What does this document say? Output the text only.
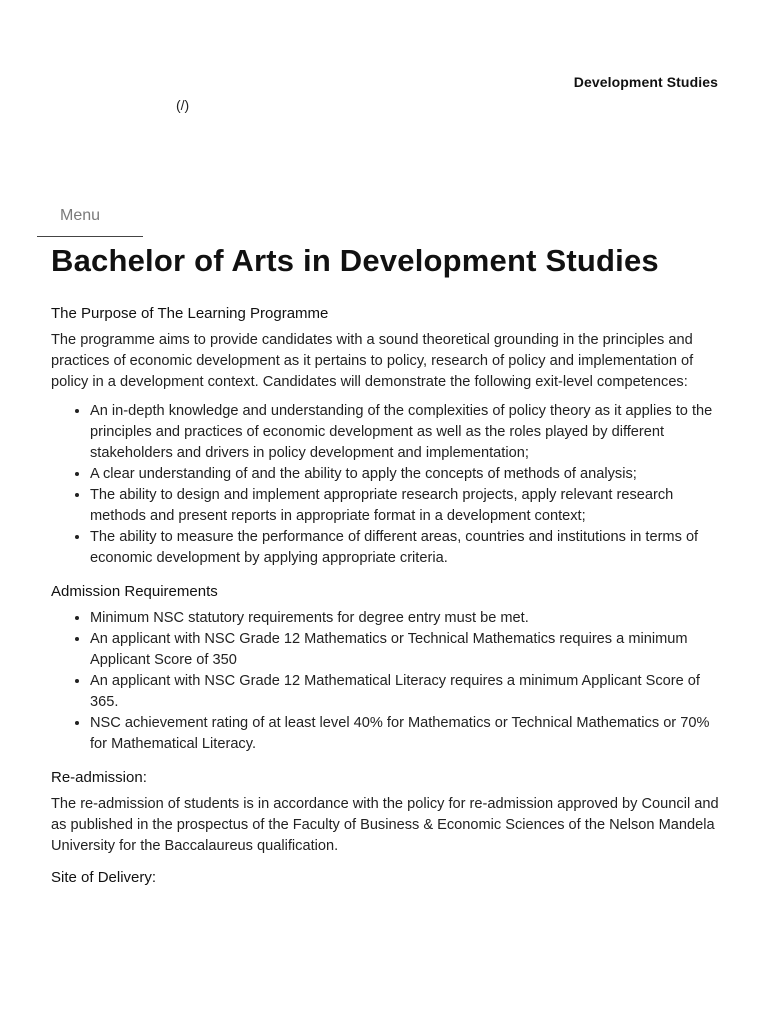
Development Studies
(/)
Menu
Bachelor of Arts in Development Studies
The Purpose of The Learning Programme

The programme aims to provide candidates with a sound theoretical grounding in the principles and practices of economic development as it pertains to policy, research of policy and implementation of policy in a development context. Candidates will demonstrate the following exit-level competences:

• An in-depth knowledge and understanding of the complexities of policy theory as it applies to the principles and practices of economic development as well as the roles played by different stakeholders and drivers in policy development and implementation;
• A clear understanding of and the ability to apply the concepts of methods of analysis;
• The ability to design and implement appropriate research projects, apply relevant research methods and present reports in appropriate format in a development context;
• The ability to measure the performance of different areas, countries and institutions in terms of economic development by applying appropriate criteria.
Admission Requirements
• Minimum NSC statutory requirements for degree entry must be met.
• An applicant with NSC Grade 12 Mathematics or Technical Mathematics requires a minimum Applicant Score of 350
• An applicant with NSC Grade 12 Mathematical Literacy requires a minimum Applicant Score of 365.
• NSC achievement rating of at least level 40% for Mathematics or Technical Mathematics or 70% for Mathematical Literacy.
Re-admission:

The re-admission of students is in accordance with the policy for re-admission approved by Council and as published in the prospectus of the Faculty of Business & Economic Sciences of the Nelson Mandela University for the Baccalaureus qualification.

Site of Delivery:
